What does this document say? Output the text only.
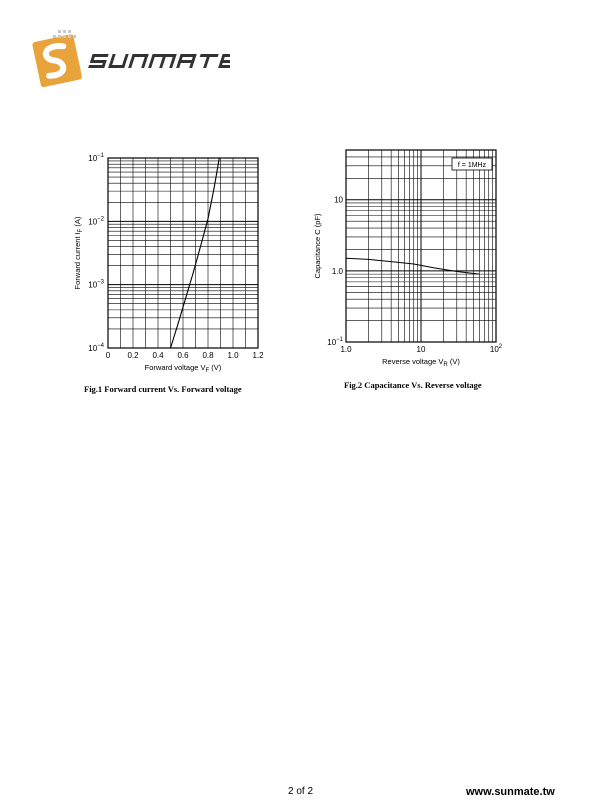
0 0.2 0.4 0.6 0.8 1.0 1.2
$10^{-4}$
$10^{-3}$
$10^{-2}$
$10^{-1}$
Forward voltage $V_F$ (V)
Forward current $I_F$ (A)
Fig.1 Forward current Vs. Forward voltage
1.0	10	$10^2$
$10^{-1}$
1.0
10
Reverse voltage $V_R$ (V)
Capacitance C (pF)
f = 1MHz
Fig.2 Capacitance Vs. Reverse voltage
2 of 2	www.sunmate.tw
